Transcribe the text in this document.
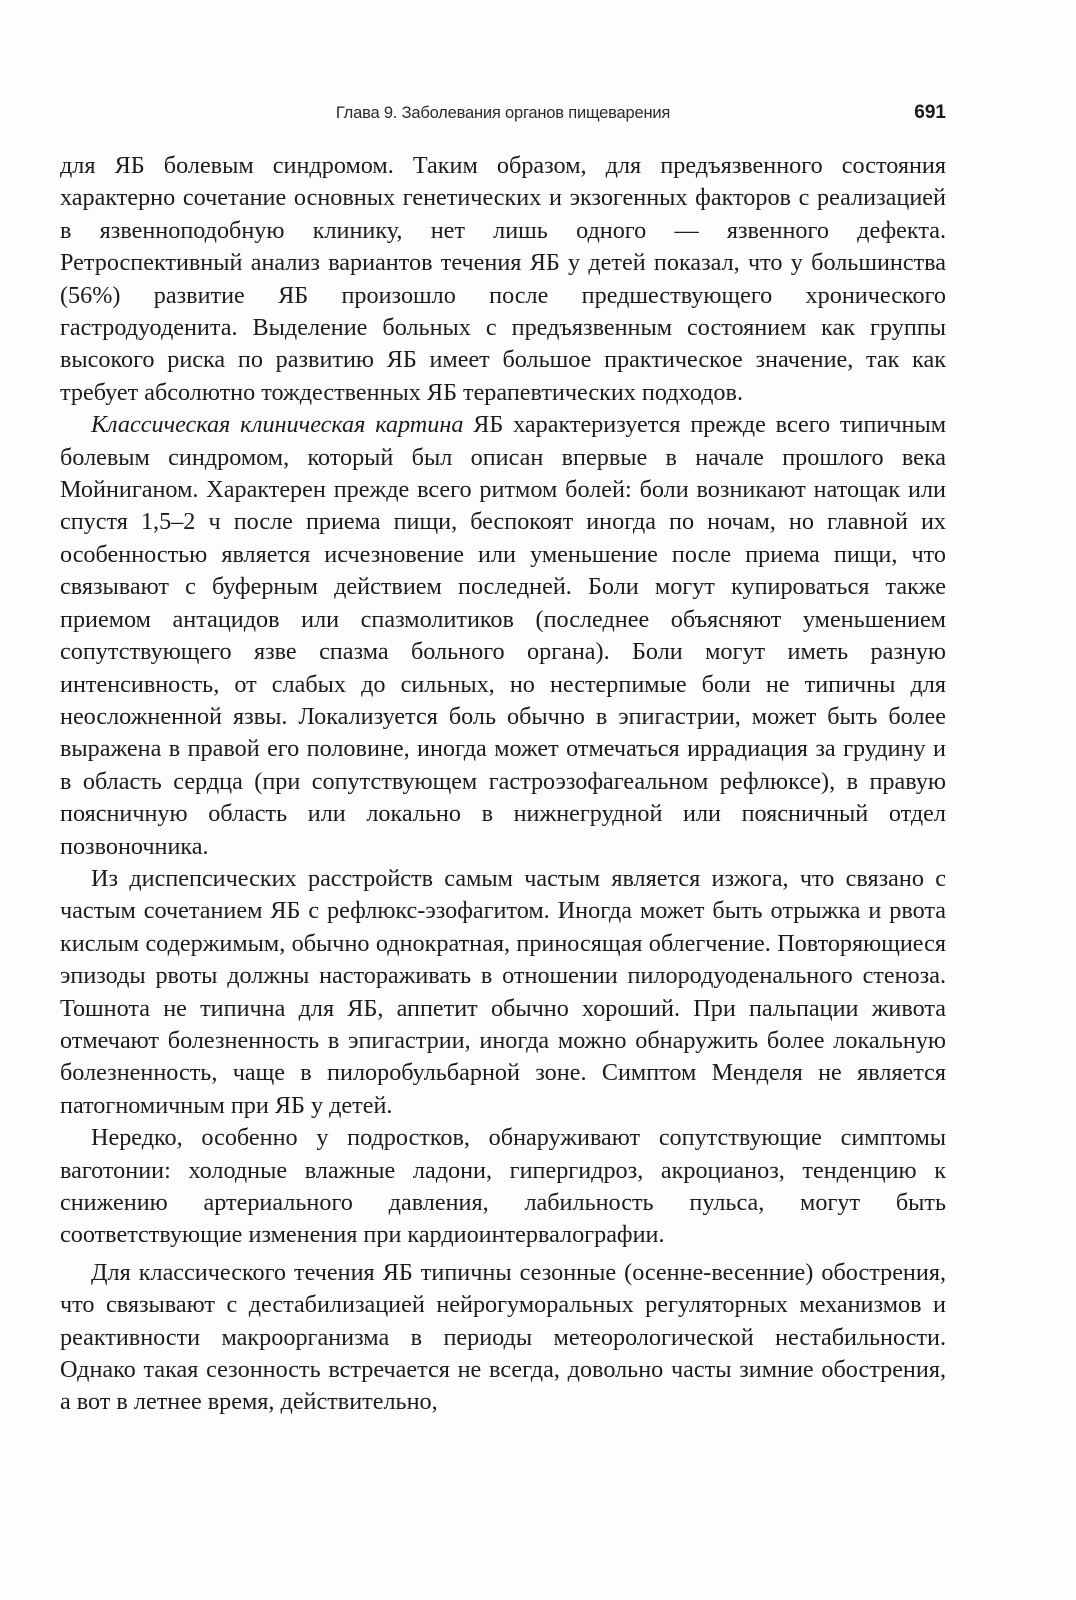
Глава 9. Заболевания органов пищеварения	691

для ЯБ болевым синдромом. Таким образом, для предъязвенного состояния характерно сочетание основных генетических и экзогенных факторов с реализацией в язвенноподобную клинику, нет лишь одного — язвенного дефекта. Ретроспективный анализ вариантов течения ЯБ у детей показал, что у большинства (56%) развитие ЯБ произошло после предшествующего хронического гастродуоденита. Выделение больных с предъязвенным состоянием как группы высокого риска по развитию ЯБ имеет большое практическое значение, так как требует абсолютно тождественных ЯБ терапевтических подходов.

Классическая клиническая картина ЯБ характеризуется прежде всего типичным болевым синдромом, который был описан впервые в начале прошлого века Мойниганом. Характерен прежде всего ритмом болей: боли возникают натощак или спустя 1,5–2 ч после приема пищи, беспокоят иногда по ночам, но главной их особенностью является исчезновение или уменьшение после приема пищи, что связывают с буферным действием последней. Боли могут купироваться также приемом антацидов или спазмолитиков (последнее объясняют уменьшением сопутствующего язве спазма больного органа). Боли могут иметь разную интенсивность, от слабых до сильных, но нестерпимые боли не типичны для неосложненной язвы. Локализуется боль обычно в эпигастрии, может быть более выражена в правой его половине, иногда может отмечаться иррадиация за грудину и в область сердца (при сопутствующем гастроэзофагеальном рефлюксе), в правую поясничную область или локально в нижнегрудной или поясничный отдел позвоночника.

Из диспепсических расстройств самым частым является изжога, что связано с частым сочетанием ЯБ с рефлюкс-эзофагитом. Иногда может быть отрыжка и рвота кислым содержимым, обычно однократная, приносящая облегчение. Повторяющиеся эпизоды рвоты должны настораживать в отношении пилородуоденального стеноза. Тошнота не типична для ЯБ, аппетит обычно хороший. При пальпации живота отмечают болезненность в эпигастрии, иногда можно обнаружить более локальную болезненность, чаще в пилоробульбарной зоне. Симптом Менделя не является патогномичным при ЯБ у детей.

Нередко, особенно у подростков, обнаруживают сопутствующие симптомы ваготонии: холодные влажные ладони, гипергидроз, акроцианоз, тенденцию к снижению артериального давления, лабильность пульса, могут быть соответствующие изменения при кардиоинтервалографии.

Для классического течения ЯБ типичны сезонные (осенне-весенние) обострения, что связывают с дестабилизацией нейрогуморальных регуляторных механизмов и реактивности макроорганизма в периоды метеорологической нестабильности. Однако такая сезонность встречается не всегда, довольно часты зимние обострения, а вот в летнее время, действительно,
